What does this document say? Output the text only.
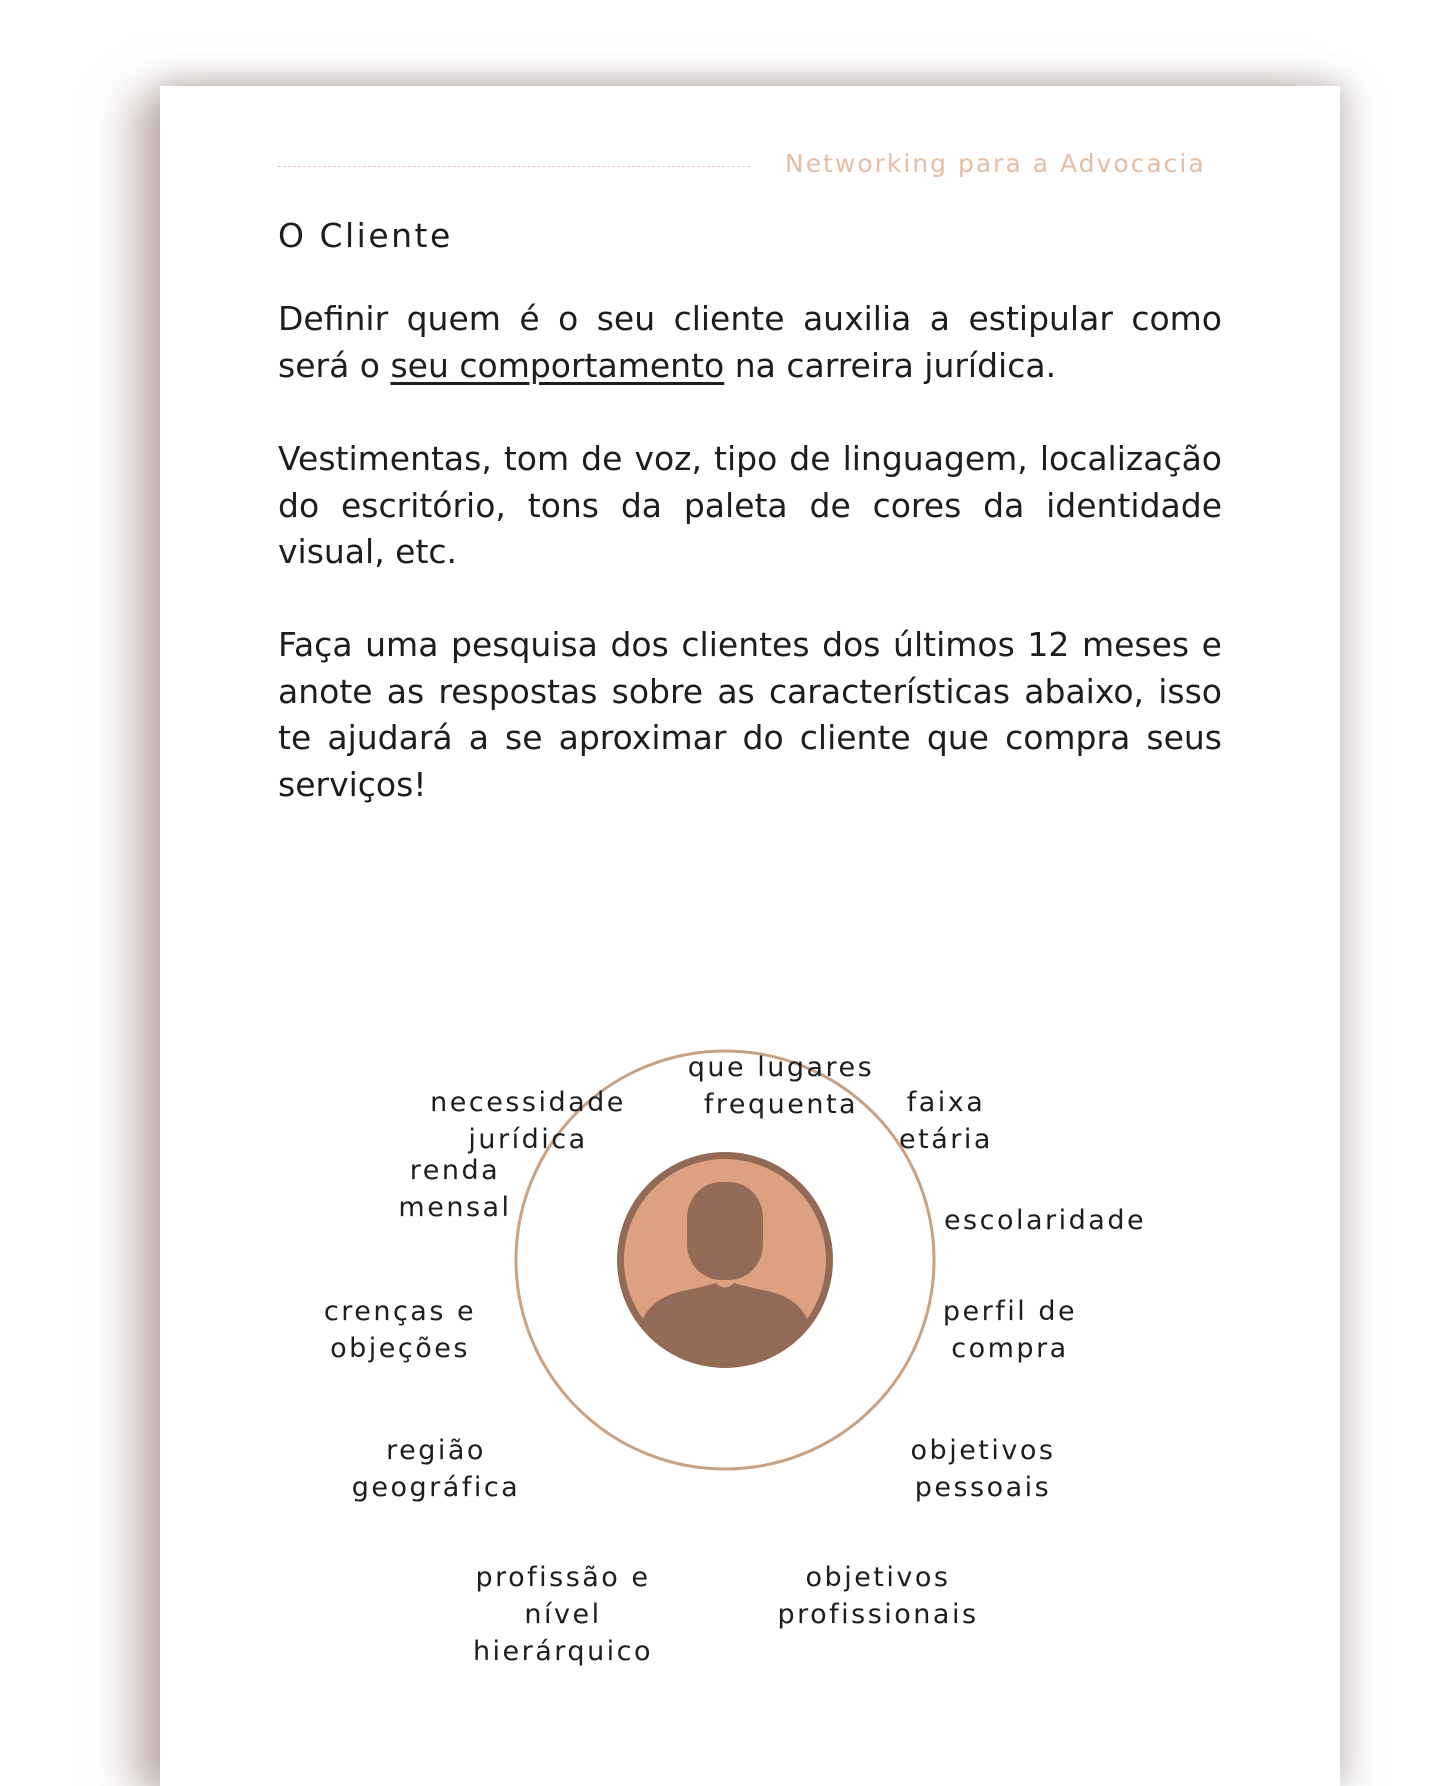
Networking para a Advocacia
O Cliente

Definir quem é o seu cliente auxilia a estipular como será o seu comportamento na carreira jurídica.

Vestimentas, tom de voz, tipo de linguagem, localização do escritório, tons da paleta de cores da identidade visual, etc.

Faça uma pesquisa dos clientes dos últimos 12 meses e anote as respostas sobre as características abaixo, isso te ajudará a se aproximar do cliente que compra seus serviços!

que lugares
frequenta	faixa
etária
escolaridade
perfil de
compra
objetivos
pessoais
objetivos
profissionais
profissão e
nível hierárquico
região
geográfica
crenças e
objeções
renda
mensal
necessidade
jurídica
